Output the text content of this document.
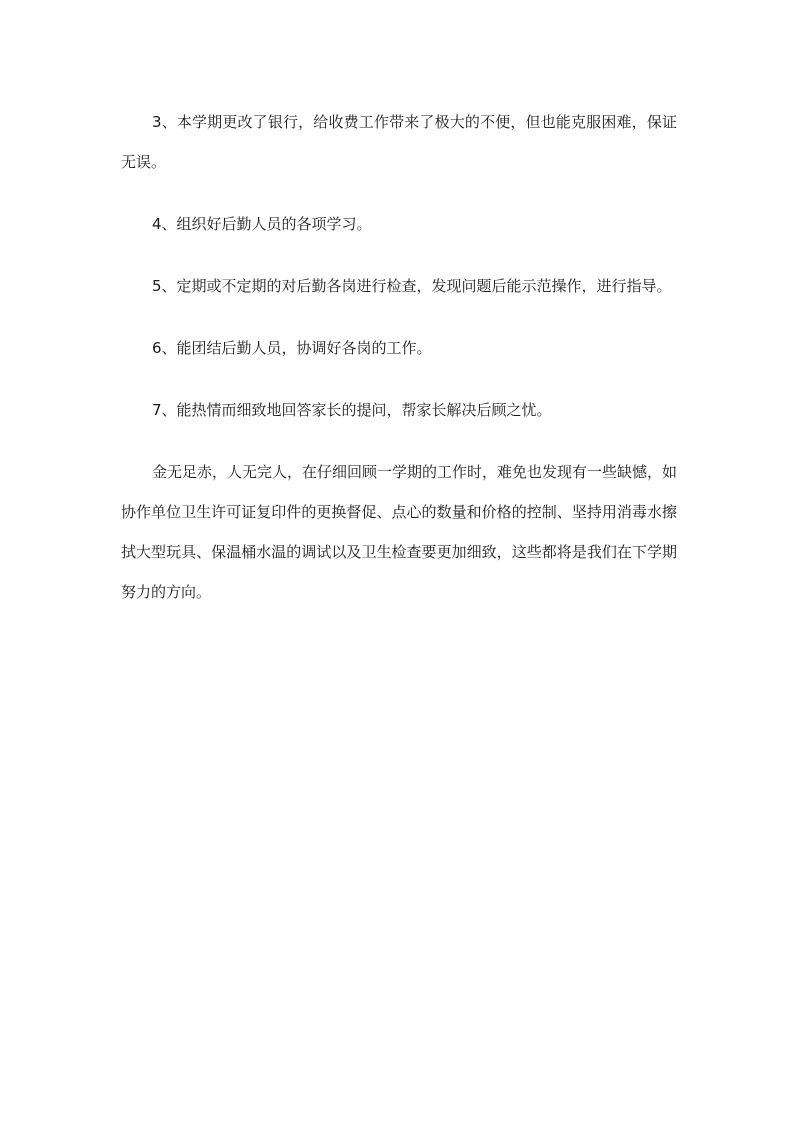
3、本学期更改了银行，给收费工作带来了极大的不便，但也能克服困难，保证无误。

4、组织好后勤人员的各项学习。

5、定期或不定期的对后勤各岗进行检查，发现问题后能示范操作，进行指导。

6、能团结后勤人员，协调好各岗的工作。

7、能热情而细致地回答家长的提问，帮家长解决后顾之忧。

金无足赤，人无完人，在仔细回顾一学期的工作时，难免也发现有一些缺憾，如协作单位卫生许可证复印件的更换督促、点心的数量和价格的控制、坚持用消毒水擦拭大型玩具、保温桶水温的调试以及卫生检查要更加细致，这些都将是我们在下学期努力的方向。
